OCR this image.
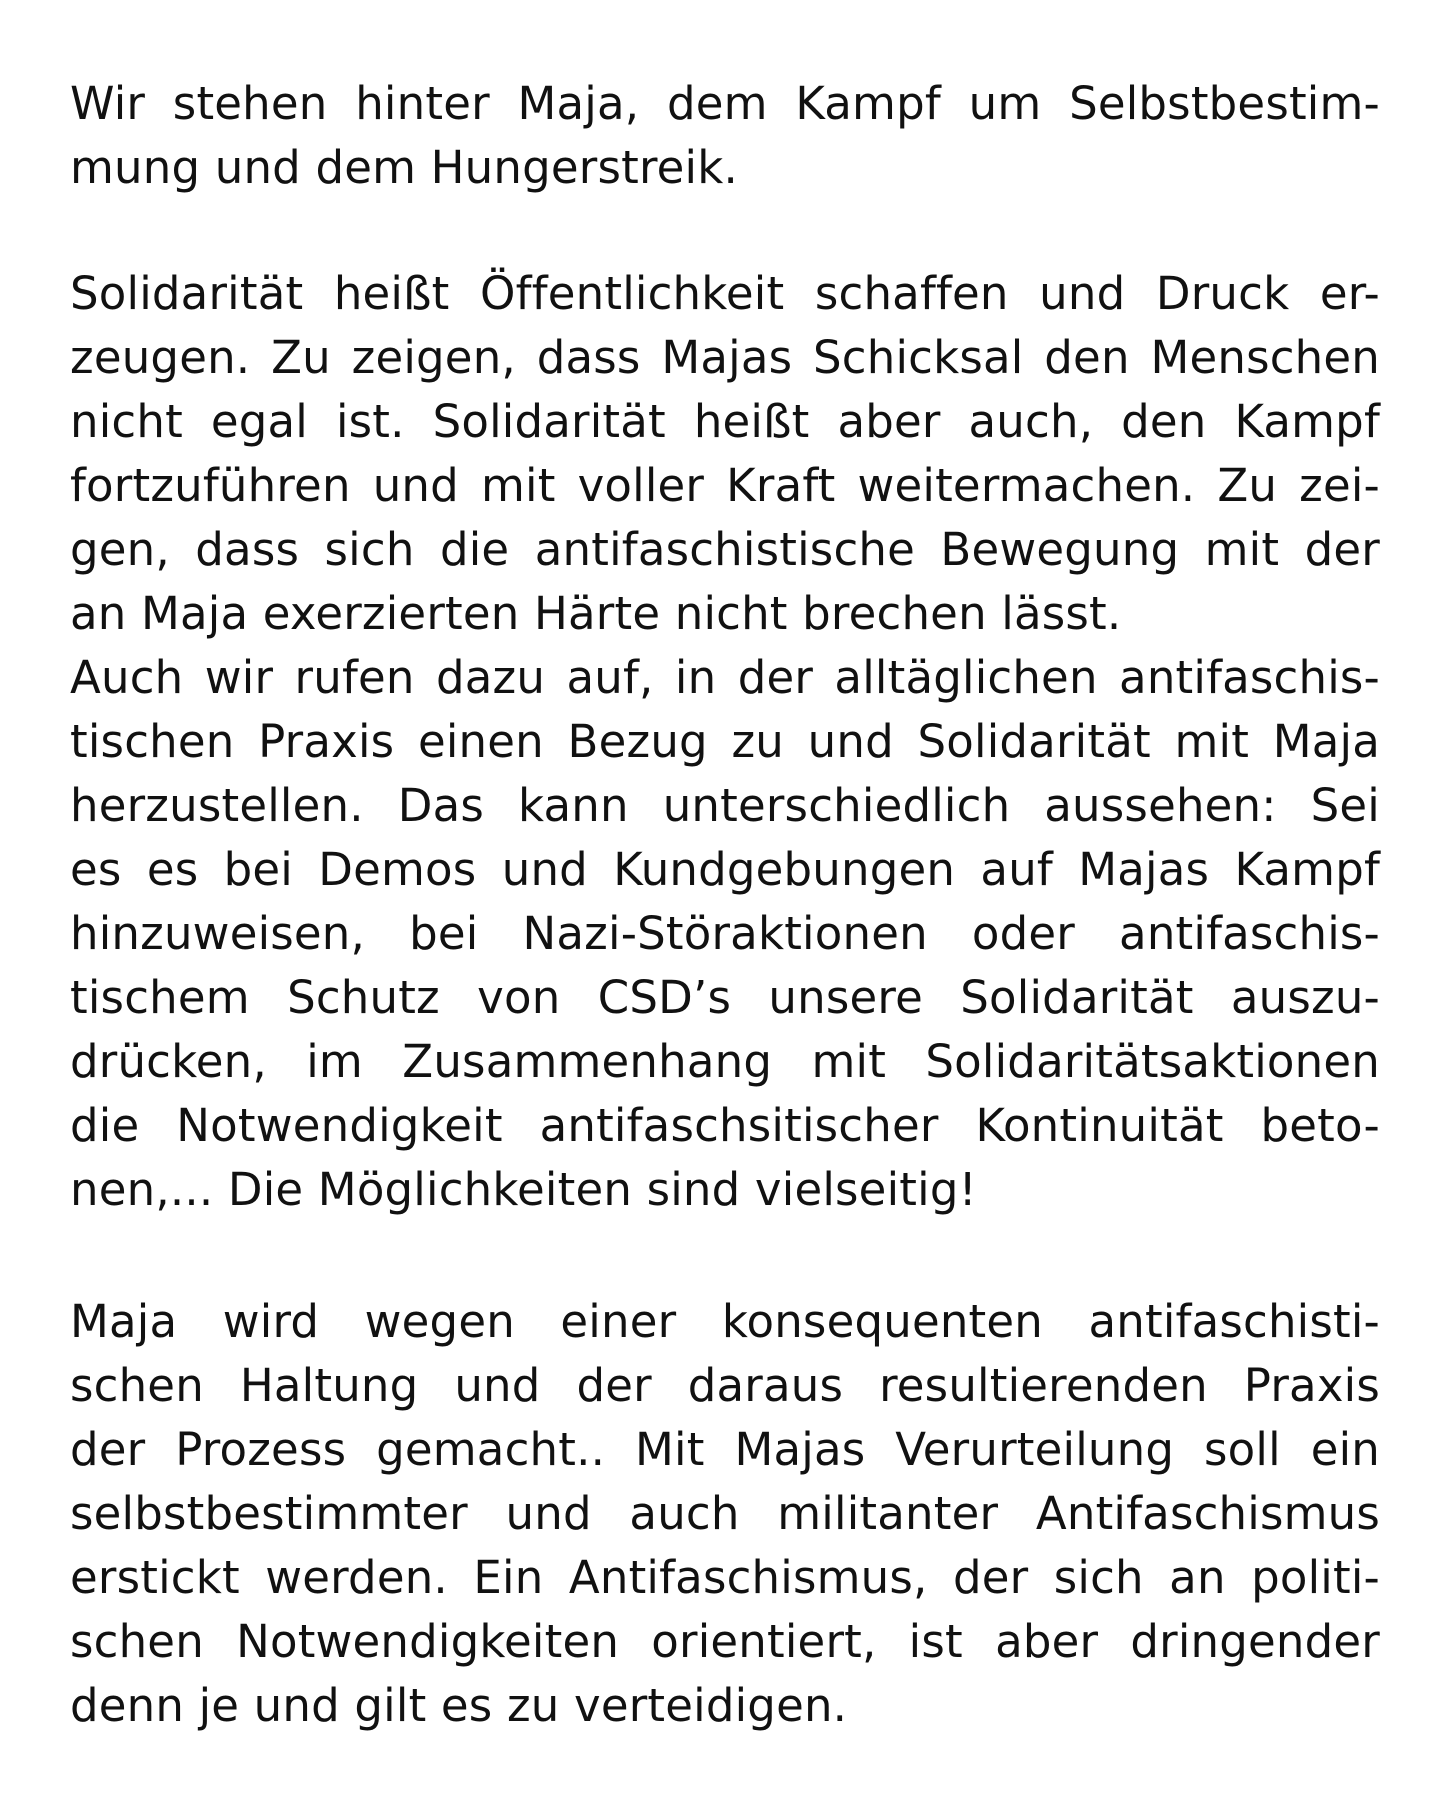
Wir stehen hinter Maja, dem Kampf um Selbstbestim-
mung und dem Hungerstreik.
Solidarität heißt Öffentlichkeit schaffen und Druck er-
zeugen. Zu zeigen, dass Majas Schicksal den Menschen
nicht egal ist. Solidarität heißt aber auch, den Kampf
fortzuführen und mit voller Kraft weitermachen. Zu zei-
gen, dass sich die antifaschistische Bewegung mit der
an Maja exerzierten Härte nicht brechen lässt.
Auch wir rufen dazu auf, in der alltäglichen antifaschis-
tischen Praxis einen Bezug zu und Solidarität mit Maja
herzustellen. Das kann unterschiedlich aussehen: Sei
es es bei Demos und Kundgebungen auf Majas Kampf
hinzuweisen, bei Nazi-Störaktionen oder antifaschis-
tischem Schutz von CSD’s unsere Solidarität auszu-
drücken, im Zusammenhang mit Solidaritätsaktionen
die Notwendigkeit antifaschsitischer Kontinuität beto-
nen,... Die Möglichkeiten sind vielseitig!
Maja wird wegen einer konsequenten antifaschisti-
schen Haltung und der daraus resultierenden Praxis
der Prozess gemacht.. Mit Majas Verurteilung soll ein
selbstbestimmter und auch militanter Antifaschismus
erstickt werden. Ein Antifaschismus, der sich an politi-
schen Notwendigkeiten orientiert, ist aber dringender
denn je und gilt es zu verteidigen.
